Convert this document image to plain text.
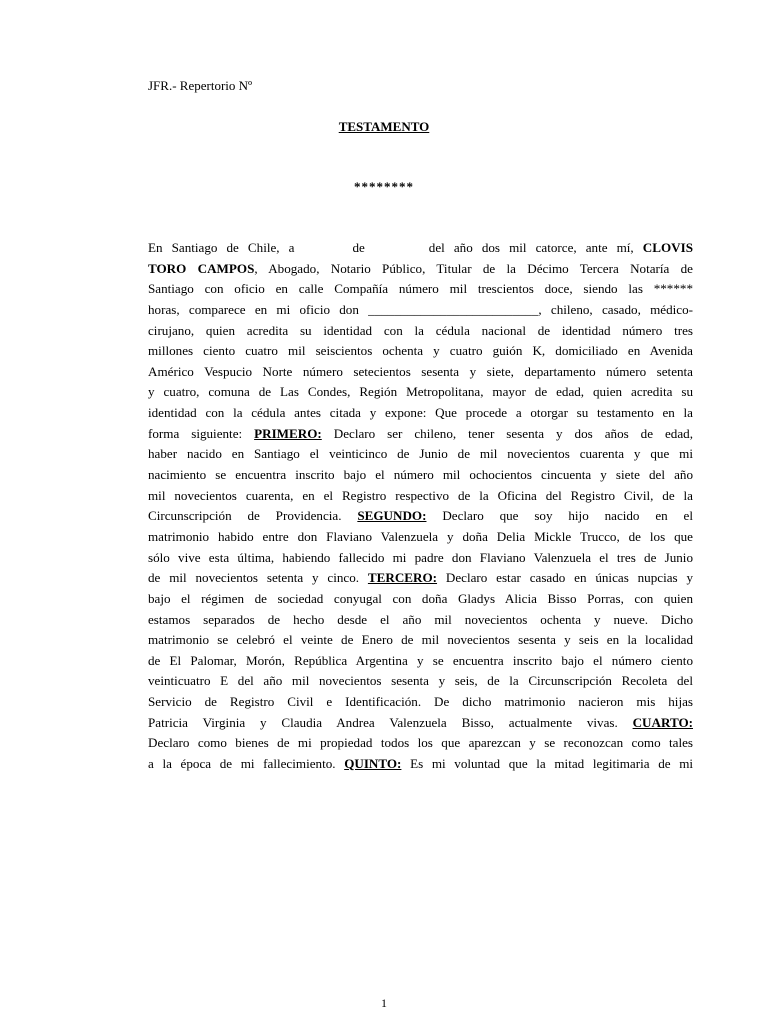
JFR.- Repertorio Nº
TESTAMENTO
********
En Santiago de Chile, a	de	del año dos mil catorce, ante mí, CLOVIS
TORO CAMPOS, Abogado, Notario Público, Titular de la Décimo Tercera Notaría de
Santiago con oficio en calle Compañía número mil trescientos doce, siendo las ******
horas, comparece en mi oficio don __________________________, chileno, casado, médico-
cirujano, quien acredita su identidad con la cédula nacional de identidad número tres
millones ciento cuatro mil seiscientos ochenta y cuatro guión K, domiciliado en Avenida
Américo Vespucio Norte número setecientos sesenta y siete, departamento número setenta
y cuatro, comuna de Las Condes, Región Metropolitana, mayor de edad, quien acredita su
identidad con la cédula antes citada y expone: Que procede a otorgar su testamento en la
forma siguiente: PRIMERO: Declaro ser chileno, tener sesenta y dos años de edad,
haber nacido en Santiago el veinticinco de Junio de mil novecientos cuarenta y que mi
nacimiento se encuentra inscrito bajo el número mil ochocientos cincuenta y siete del año
mil novecientos cuarenta, en el Registro respectivo de la Oficina del Registro Civil, de la
Circunscripción de Providencia. SEGUNDO: Declaro que soy hijo nacido en el
matrimonio habido entre don Flaviano Valenzuela y doña Delia Mickle Trucco, de los que
sólo vive esta última, habiendo fallecido mi padre don Flaviano Valenzuela el tres de Junio
de mil novecientos setenta y cinco. TERCERO: Declaro estar casado en únicas nupcias y
bajo el régimen de sociedad conyugal con doña Gladys Alicia Bisso Porras, con quien
estamos separados de hecho desde el año mil novecientos ochenta y nueve. Dicho
matrimonio se celebró el veinte de Enero de mil novecientos sesenta y seis en la localidad
de El Palomar, Morón, República Argentina y se encuentra inscrito bajo el número ciento
veinticuatro E del año mil novecientos sesenta y seis, de la Circunscripción Recoleta del
Servicio de Registro Civil e Identificación. De dicho matrimonio nacieron mis hijas
Patricia Virginia y Claudia Andrea Valenzuela Bisso, actualmente vivas. CUARTO:
Declaro como bienes de mi propiedad todos los que aparezcan y se reconozcan como tales
a la época de mi fallecimiento. QUINTO: Es mi voluntad que la mitad legitimaria de mi
1
